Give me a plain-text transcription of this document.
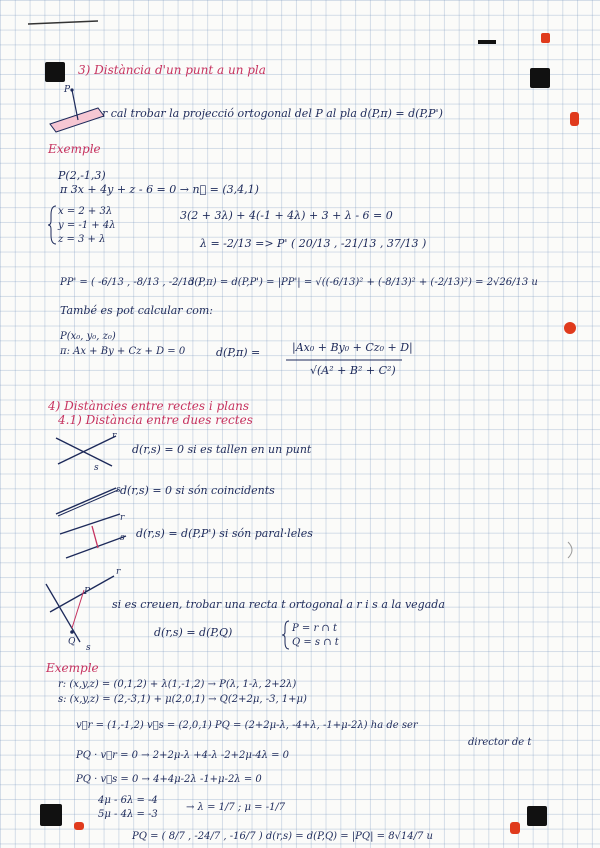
3) Distància d'un punt a un pla
P
r cal trobar la projecció ortogonal del P al pla d(P,π) = d(P,P')
Exemple
P(2,-1,3)
π 3x + 4y + z - 6 = 0 → n⃗ = (3,4,1)
x = 2 + 3λ
y = -1 + 4λ
z = 3 + λ
3(2 + 3λ) + 4(-1 + 4λ) + 3 + λ - 6 = 0
λ = -2/13 => P' ( 20/13 , -21/13 , 37/13 )
PP' = ( -6/13 , -8/13 , -2/13 )
d(P,π) = d(P,P') = |PP'| = √((-6/13)² + (-8/13)² + (-2/13)²) = 2√26/13 u
També es pot calcular com:
P(x₀, y₀, z₀)
π: Ax + By + Cz + D = 0	d(P,π) =	|Ax₀ + By₀ + Cz₀ + D|
√(A² + B² + C²)
4) Distàncies entre rectes i plans
4.1) Distància entre dues rectes
r
s
d(r,s) = 0 si es tallen en un punt
s d(r,s) = 0 si són coincidents
r
s d(r,s) = d(P,P') si són paral·leles
r
P
Q
s
si es creuen, trobar una recta t ortogonal a r i s a la vegada
d(r,s) = d(P,Q)	P = r ∩ t
Q = s ∩ t
Exemple
r: (x,y,z) = (0,1,2) + λ(1,-1,2) → P(λ, 1-λ, 2+2λ)
s: (x,y,z) = (2,-3,1) + μ(2,0,1) → Q(2+2μ, -3, 1+μ)
v⃗r = (1,-1,2) v⃗s = (2,0,1) PQ = (2+2μ-λ, -4+λ, -1+μ-2λ) ha de ser
director de t
PQ · v⃗r = 0 → 2+2μ-λ +4-λ -2+2μ-4λ = 0
PQ · v⃗s = 0 → 4+4μ-2λ -1+μ-2λ = 0
4μ - 6λ = -4
5μ - 4λ = -3
→ λ = 1/7 ; μ = -1/7
PQ = ( 8/7 , -24/7 , -16/7 ) d(r,s) = d(P,Q) = |PQ| = 8√14/7 u
